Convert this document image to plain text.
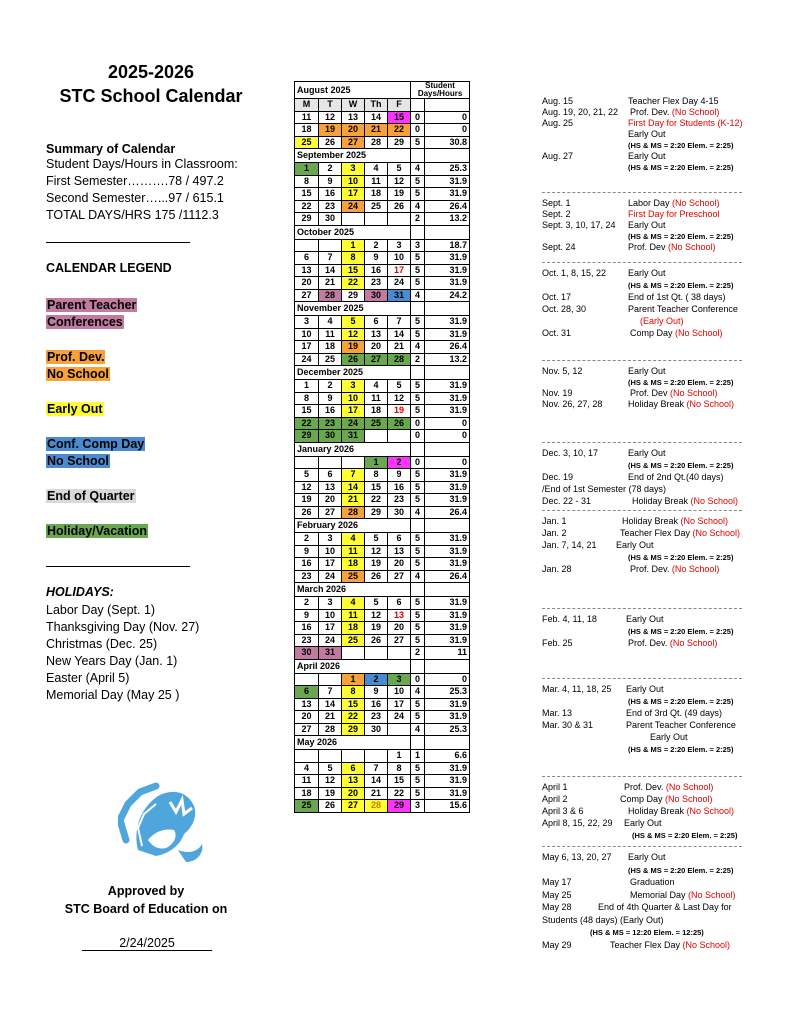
2025-2026
STC School Calendar
Summary of Calendar
Student Days/Hours in Classroom:
First Semester……….78 / 497.2
Second Semester…...97 / 615.1
TOTAL DAYS/HRS 175 /1112.3
CALENDAR LEGEND
Parent Teacher
Conferences
Prof. Dev.
No School
Early Out
Conf. Comp Day
No School
End of Quarter
Holiday/Vacation
HOLIDAYS:
Labor Day (Sept. 1)
Thanksgiving Day (Nov. 27)
Christmas (Dec. 25)
New Years Day (Jan. 1)
Easter (April 5)
Memorial Day (May 25 )
Approved by
STC Board of Education on
2/24/2025
August 2025					Student Days/Hours	
M	T	W	Th	F		
11	12	13	14	15	0	0
18	19	20	21	22	0	0
25	26	27	28	29	5	30.8
September 2025						
1	2	3	4	5	4	25.3
8	9	10	11	12	5	31.9
15	16	17	18	19	5	31.9
22	23	24	25	26	4	26.4
29	30				2	13.2
October 2025						
		1	2	3	3	18.7
6	7	8	9	10	5	31.9
13	14	15	16	17	5	31.9
20	21	22	23	24	5	31.9
27	28	29	30	31	4	24.2
November 2025						
3	4	5	6	7	5	31.9
10	11	12	13	14	5	31.9
17	18	19	20	21	4	26.4
24	25	26	27	28	2	13.2
December 2025						
1	2	3	4	5	5	31.9
8	9	10	11	12	5	31.9
15	16	17	18	19	5	31.9
22	23	24	25	26	0	0
29	30	31			0	0
January 2026						
			1	2	0	0
5	6	7	8	9	5	31.9
12	13	14	15	16	5	31.9
19	20	21	22	23	5	31.9
26	27	28	29	30	4	26.4
February 2026						
2	3	4	5	6	5	31.9
9	10	11	12	13	5	31.9
16	17	18	19	20	5	31.9
23	24	25	26	27	4	26.4
March 2026						
2	3	4	5	6	5	31.9
9	10	11	12	13	5	31.9
16	17	18	19	20	5	31.9
23	24	25	26	27	5	31.9
30	31				2	11
April 2026						
		1	2	3	0	0
6	7	8	9	10	4	25.3
13	14	15	16	17	5	31.9
20	21	22	23	24	5	31.9
27	28	29	30		4	25.3
May 2026						
				1	1	6.6
4	5	6	7	8	5	31.9
11	12	13	14	15	5	31.9
18	19	20	21	22	5	31.9
25	26	27	28	29	3	15.6
Aug. 15	Teacher Flex Day 4-15
Aug. 19, 20, 21, 22 Prof. Dev. (No School)
Aug. 25	First Day for Students (K-12)
Early Out
(HS & MS = 2:20 Elem. = 2:25)
Aug. 27	Early Out
(HS & MS = 2:20 Elem. = 2:25)
Sept. 1	Labor Day (No School)
Sept. 2	First Day for Preschool
Sept. 3, 10, 17, 24 Early Out
(HS & MS = 2:20 Elem. = 2:25)
Sept. 24	Prof. Dev (No School)
Oct. 1, 8, 15, 22 Early Out
(HS & MS = 2:20 Elem. = 2:25)
Oct. 17	End of 1st Qt. ( 38 days)
Oct. 28, 30	Parent Teacher Conference
(Early Out)
Oct. 31	Comp Day (No School)
Nov. 5, 12	Early Out
(HS & MS = 2:20 Elem. = 2:25)
Nov. 19	Prof. Dev (No School)
Nov. 26, 27, 28	Holiday Break (No School)
Dec. 3, 10, 17	Early Out
(HS & MS = 2:20 Elem. = 2:25)
Dec. 19	End of 2nd Qt.(40 days)
/End of 1st Semester (78 days)
Dec. 22 - 31	Holiday Break (No School)
Jan. 1	Holiday Break (No School)
Jan. 2	Teacher Flex Day (No School)
Jan. 7, 14, 21 Early Out
(HS & MS = 2:20 Elem. = 2:25)
Jan. 28	Prof. Dev. (No School)
Feb. 4, 11, 18	Early Out
(HS & MS = 2:20 Elem. = 2:25)
Feb. 25	Prof. Dev. (No School)
Mar. 4, 11, 18, 25 Early Out
(HS & MS = 2:20 Elem. = 2:25)
Mar. 13	End of 3rd Qt. (49 days)
Mar. 30 & 31	Parent Teacher Conference
Early Out
(HS & MS = 2:20 Elem. = 2:25)
April 1	Prof. Dev. (No School)
April 2	Comp Day (No School)
April 3 & 6	Holiday Break (No School)
April 8, 15, 22, 29 Early Out
(HS & MS = 2:20 Elem. = 2:25)
May 6, 13, 20, 27 Early Out
(HS & MS = 2:20 Elem. = 2:25)
May 17	Graduation
May 25	Memorial Day (No School)
May 28	End of 4th Quarter & Last Day for
Students (48 days) (Early Out)
(HS & MS = 12:20 Elem. = 12:25)
May 29	Teacher Flex Day (No School)
